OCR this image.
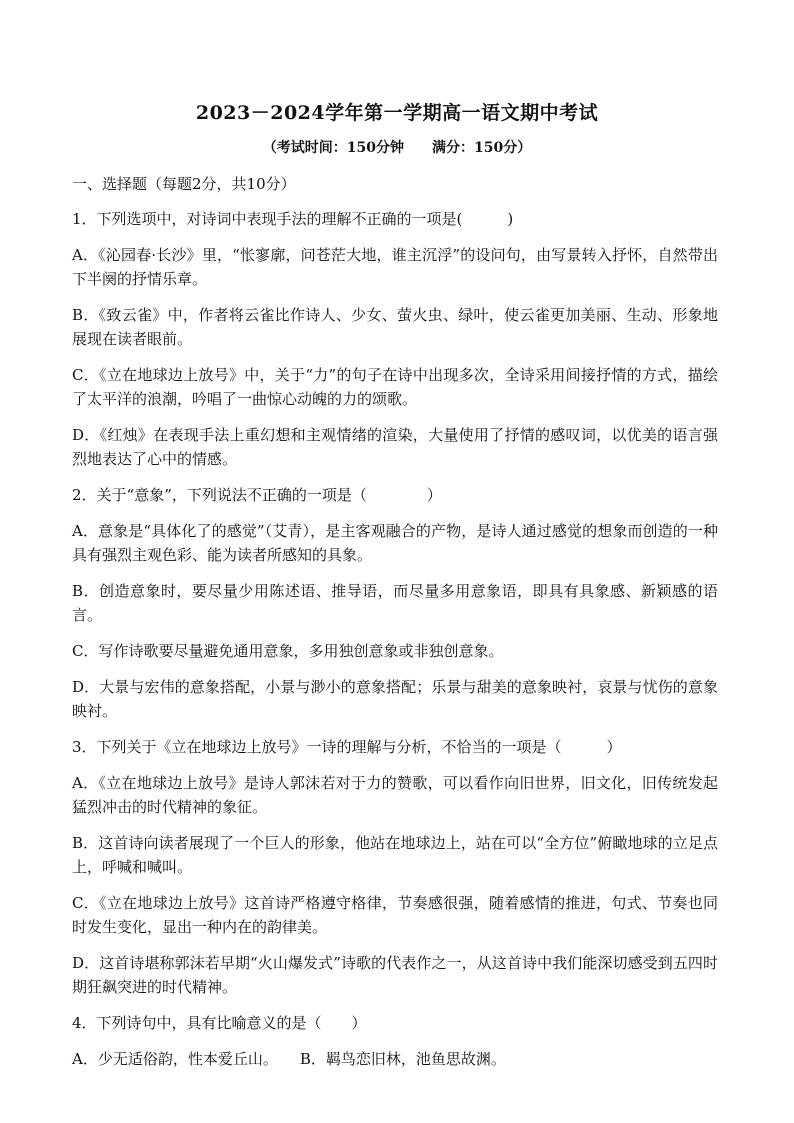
2023－2024学年第一学期高一语文期中考试
（考试时间：150分钟　　满分：150分）
一、选择题（每题2分，共10分）
1．下列选项中，对诗词中表现手法的理解不正确的一项是(　　　)
A．《沁园春·长沙》里，“怅寥廓，问苍茫大地，谁主沉浮”的设问句，由写景转入抒怀，自然带出下半阕的抒情乐章。
B．《致云雀》中，作者将云雀比作诗人、少女、萤火虫、绿叶，使云雀更加美丽、生动、形象地展现在读者眼前。
C．《立在地球边上放号》中，关于“力”的句子在诗中出现多次，全诗采用间接抒情的方式，描绘了太平洋的浪潮，吟唱了一曲惊心动魄的力的颂歌。
D．《红烛》在表现手法上重幻想和主观情绪的渲染，大量使用了抒情的感叹词，以优美的语言强烈地表达了心中的情感。
2．关于“意象”，下列说法不正确的一项是（　　　　）
A．意象是“具体化了的感觉”（艾青），是主客观融合的产物，是诗人通过感觉的想象而创造的一种具有强烈主观色彩、能为读者所感知的具象。
B．创造意象时，要尽量少用陈述语、推导语，而尽量多用意象语，即具有具象感、新颖感的语言。
C．写作诗歌要尽量避免通用意象，多用独创意象或非独创意象。
D．大景与宏伟的意象搭配，小景与渺小的意象搭配；乐景与甜美的意象映衬，哀景与忧伤的意象映衬。
3．下列关于《立在地球边上放号》一诗的理解与分析，不恰当的一项是（　　　）
A．《立在地球边上放号》是诗人郭沫若对于力的赞歌，可以看作向旧世界，旧文化，旧传统发起猛烈冲击的时代精神的象征。
B．这首诗向读者展现了一个巨人的形象，他站在地球边上，站在可以“全方位”俯瞰地球的立足点上，呼喊和喊叫。
C．《立在地球边上放号》这首诗严格遵守格律，节奏感很强，随着感情的推进，句式、节奏也同时发生变化，显出一种内在的韵律美。
D．这首诗堪称郭沫若早期“火山爆发式”诗歌的代表作之一，从这首诗中我们能深切感受到五四时期狂飙突进的时代精神。
4．下列诗句中，具有比喻意义的是（　　）
A．少无适俗韵，性本爱丘山。 B．羁鸟恋旧林，池鱼思故渊。
